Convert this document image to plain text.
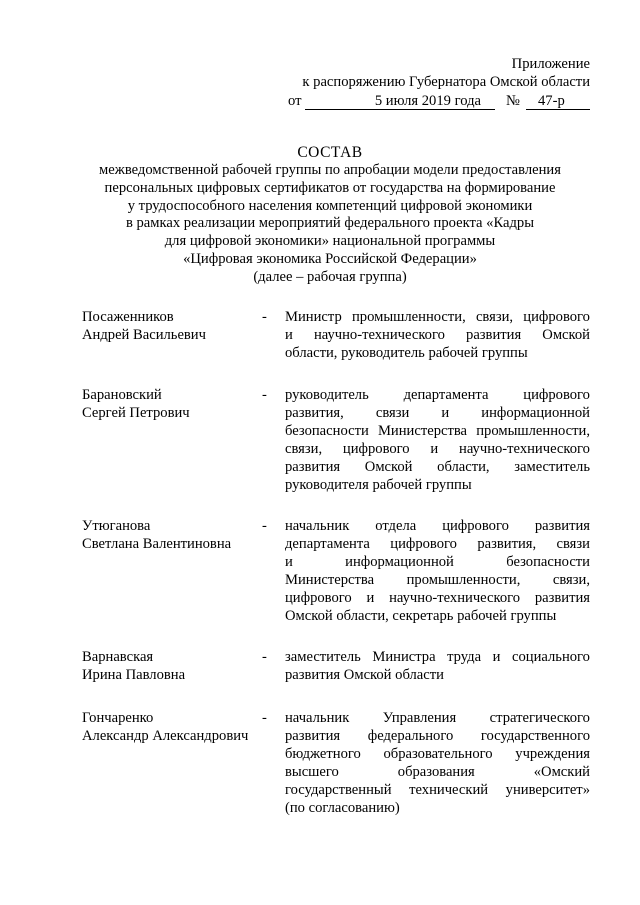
Приложение
к распоряжению Губернатора Омской области
от	5 июля 2019 года № 47-р
СОСТАВ
межведомственной рабочей группы по апробации модели предоставления
персональных цифровых сертификатов от государства на формирование
у трудоспособного населения компетенций цифровой экономики
в рамках реализации мероприятий федерального проекта «Кадры
для цифровой экономики» национальной программы
«Цифровая экономика Российской Федерации»
(далее – рабочая группа)
Посаженников
Андрей Васильевич
- Министр промышленности, связи, цифрового
и научно-технического развития Омской
области, руководитель рабочей группы
Барановский
Сергей Петрович
- руководитель департамента цифрового
развития, связи и информационной
безопасности Министерства промышленности,
связи, цифрового и научно-технического
развития Омской области, заместитель
руководителя рабочей группы
Утюганова
Светлана Валентиновна
- начальник отдела цифрового развития
департамента цифрового развития, связи
и	информационной	безопасности
Министерства промышленности, связи,
цифрового и научно-технического развития
Омской области, секретарь рабочей группы
Варнавская
Ирина Павловна
- заместитель Министра труда и социального
развития Омской области
Гончаренко
Александр Александрович
- начальник Управления стратегического
развития федерального государственного
бюджетного образовательного учреждения
высшего	образования	«Омский
государственный технический университет»
(по согласованию)
